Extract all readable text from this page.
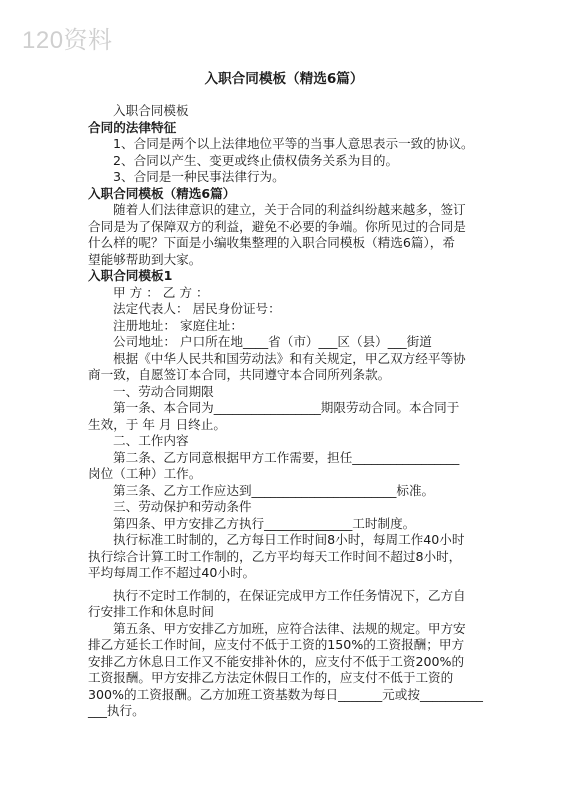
120资料
入职合同模板（精选6篇）
入职合同模板
合同的法律特征
1、合同是两个以上法律地位平等的当事人意思表示一致的协议。
2、合同以产生、变更或终止债权债务关系为目的。
3、合同是一种民事法律行为。
入职合同模板（精选6篇）
随着人们法律意识的建立，关于合同的利益纠纷越来越多，签订
合同是为了保障双方的利益，避免不必要的争端。你所见过的合同是
什么样的呢？下面是小编收集整理的入职合同模板（精选6篇），希
望能够帮助到大家。
入职合同模板1
甲 方 ： 乙 方 ：
法定代表人： 居民身份证号：
注册地址： 家庭住址：
公司地址： 户口所在地____省（市）___区（县）___街道
根据《中华人民共和国劳动法》和有关规定，甲乙双方经平等协
商一致，自愿签订本合同，共同遵守本合同所列条款。
一、劳动合同期限
第一条、本合同为_________________期限劳动合同。本合同于
生效，于 年 月 日终止。
二、工作内容
第二条、乙方同意根据甲方工作需要，担任_________________
岗位（工种）工作。
第三条、乙方工作应达到_______________________标准。
三、劳动保护和劳动条件
第四条、甲方安排乙方执行______________工时制度。
执行标准工时制的，乙方每日工作时间8小时，每周工作40小时
执行综合计算工时工作制的，乙方平均每天工作时间不超过8小时，
平均每周工作不超过40小时。
执行不定时工作制的，在保证完成甲方工作任务情况下，乙方自
行安排工作和休息时间
第五条、甲方安排乙方加班，应符合法律、法规的规定。甲方安
排乙方延长工作时间，应支付不低于工资的150%的工资报酬；甲方
安排乙方休息日工作又不能安排补休的，应支付不低于工资200%的
工资报酬。甲方安排乙方法定休假日工作的，应支付不低于工资的
300%的工资报酬。乙方加班工资基数为每日_______元或按__________
___执行。
